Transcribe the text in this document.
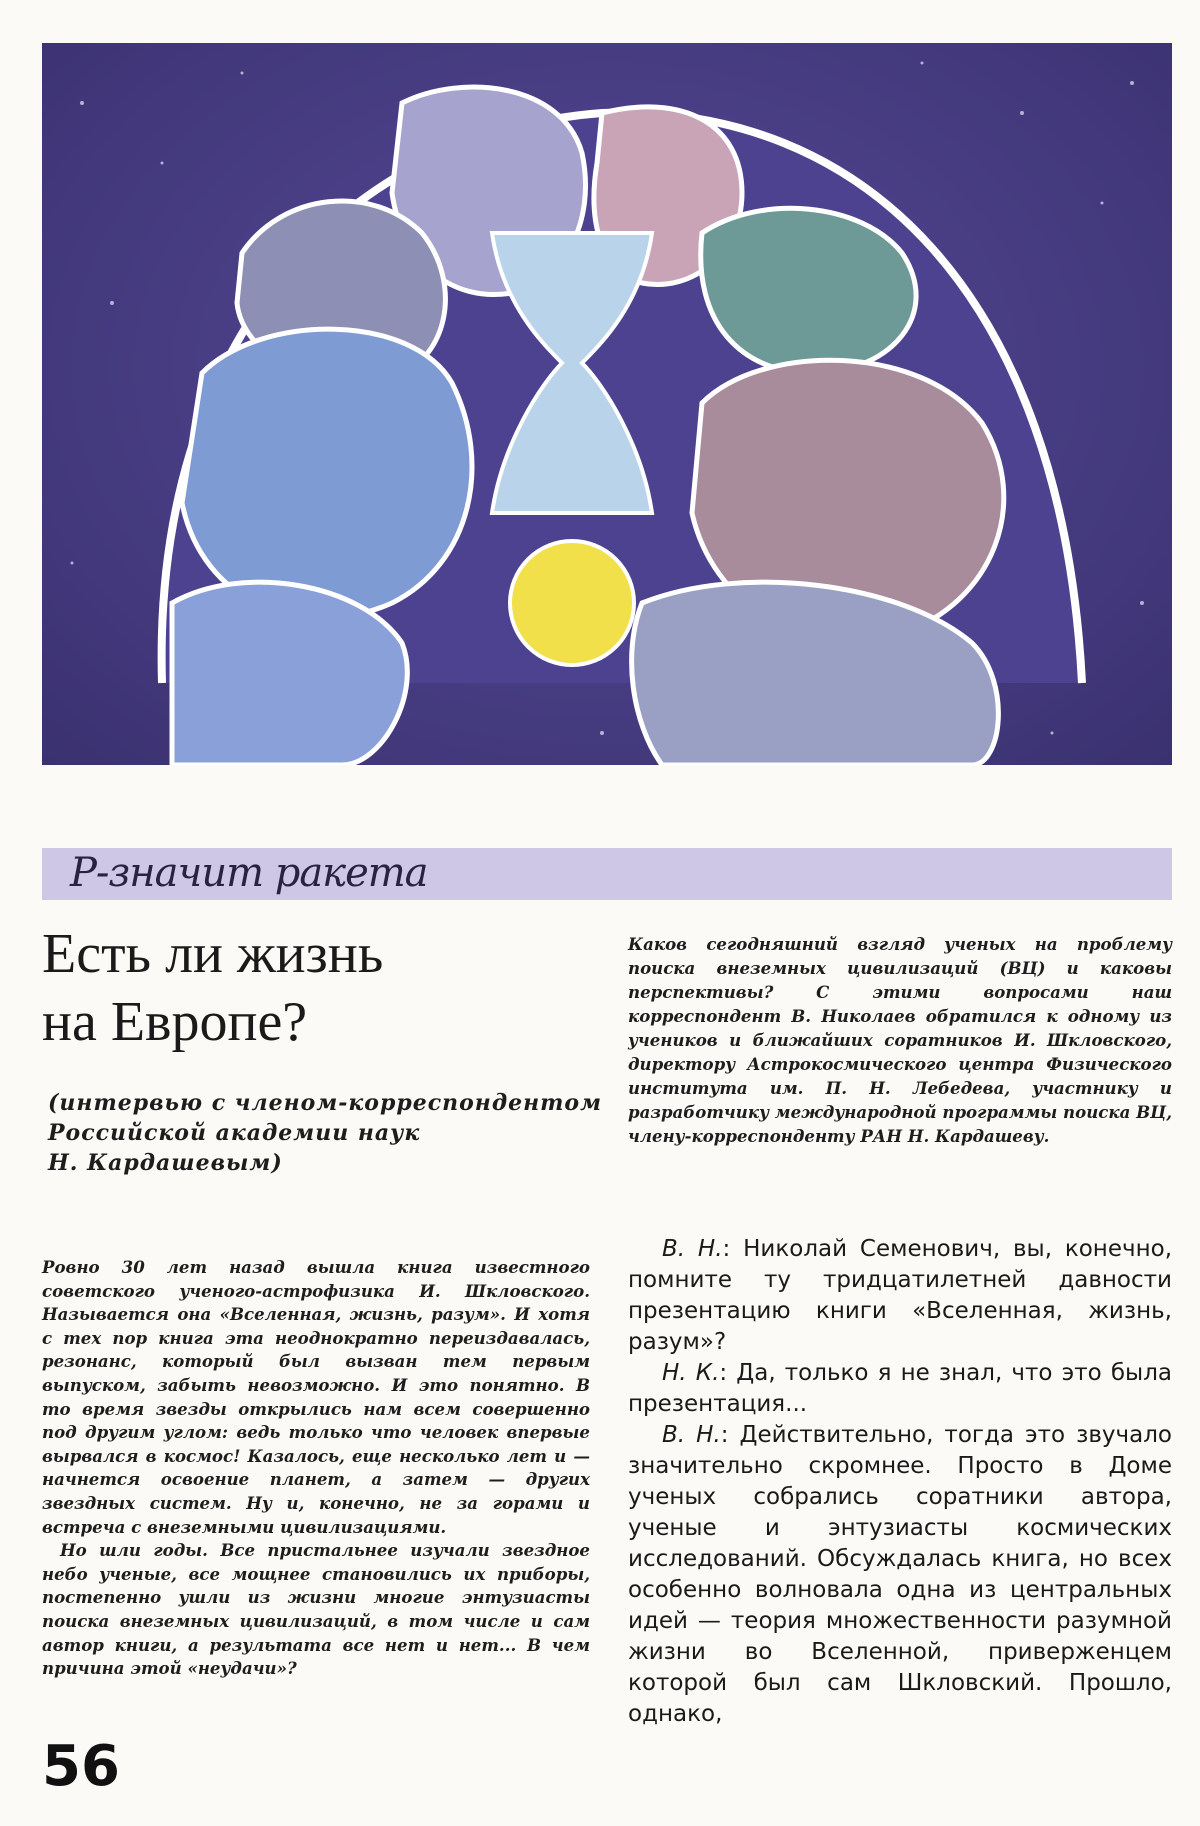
Р-значит ракета
Есть ли жизнь
на Европе?
(интервью с членом-корреспондентом
Российской академии наук
Н. Кардашевым)

Каков сегодняшний взгляд ученых на проблему поиска внеземных цивилизаций (ВЦ) и каковы перспективы? С этими вопросами наш корреспондент В. Николаев обратился к одному из учеников и ближайших соратников И. Шкловского, директору Астрокосмического центра Физического института им. П. Н. Лебедева, участнику и разработчику международной программы поиска ВЦ, члену-корреспонденту РАН Н. Кардашеву.

Ровно 30 лет назад вышла книга известного советского ученого-астрофизика И. Шкловского. Называется она «Вселенная, жизнь, разум». И хотя с тех пор книга эта неоднократно переиздавалась, резонанс, который был вызван тем первым выпуском, забыть невозможно. И это понятно. В то время звезды открылись нам всем совершенно под другим углом: ведь только что человек впервые вырвался в космос! Казалось, еще несколько лет и — начнется освоение планет, а затем — других звездных систем. Ну и, конечно, не за горами и встреча с внеземными цивилизациями.

Но шли годы. Все пристальнее изучали звездное небо ученые, все мощнее становились их приборы, постепенно ушли из жизни многие энтузиасты поиска внеземных цивилизаций, в том числе и сам автор книги, а результата все нет и нет... В чем причина этой «неудачи»?

В. Н.: Николай Семенович, вы, конечно, помните ту тридцатилетней давности презентацию книги «Вселенная, жизнь, разум»?

Н. К.: Да, только я не знал, что это была презентация...

В. Н.: Действительно, тогда это звучало значительно скромнее. Просто в Доме ученых собрались соратники автора, ученые и энтузиасты космических исследований. Обсуждалась книга, но всех особенно волновала одна из центральных идей — теория множественности разумной жизни во Вселенной, приверженцем которой был сам Шкловский. Прошло, однако,

56
